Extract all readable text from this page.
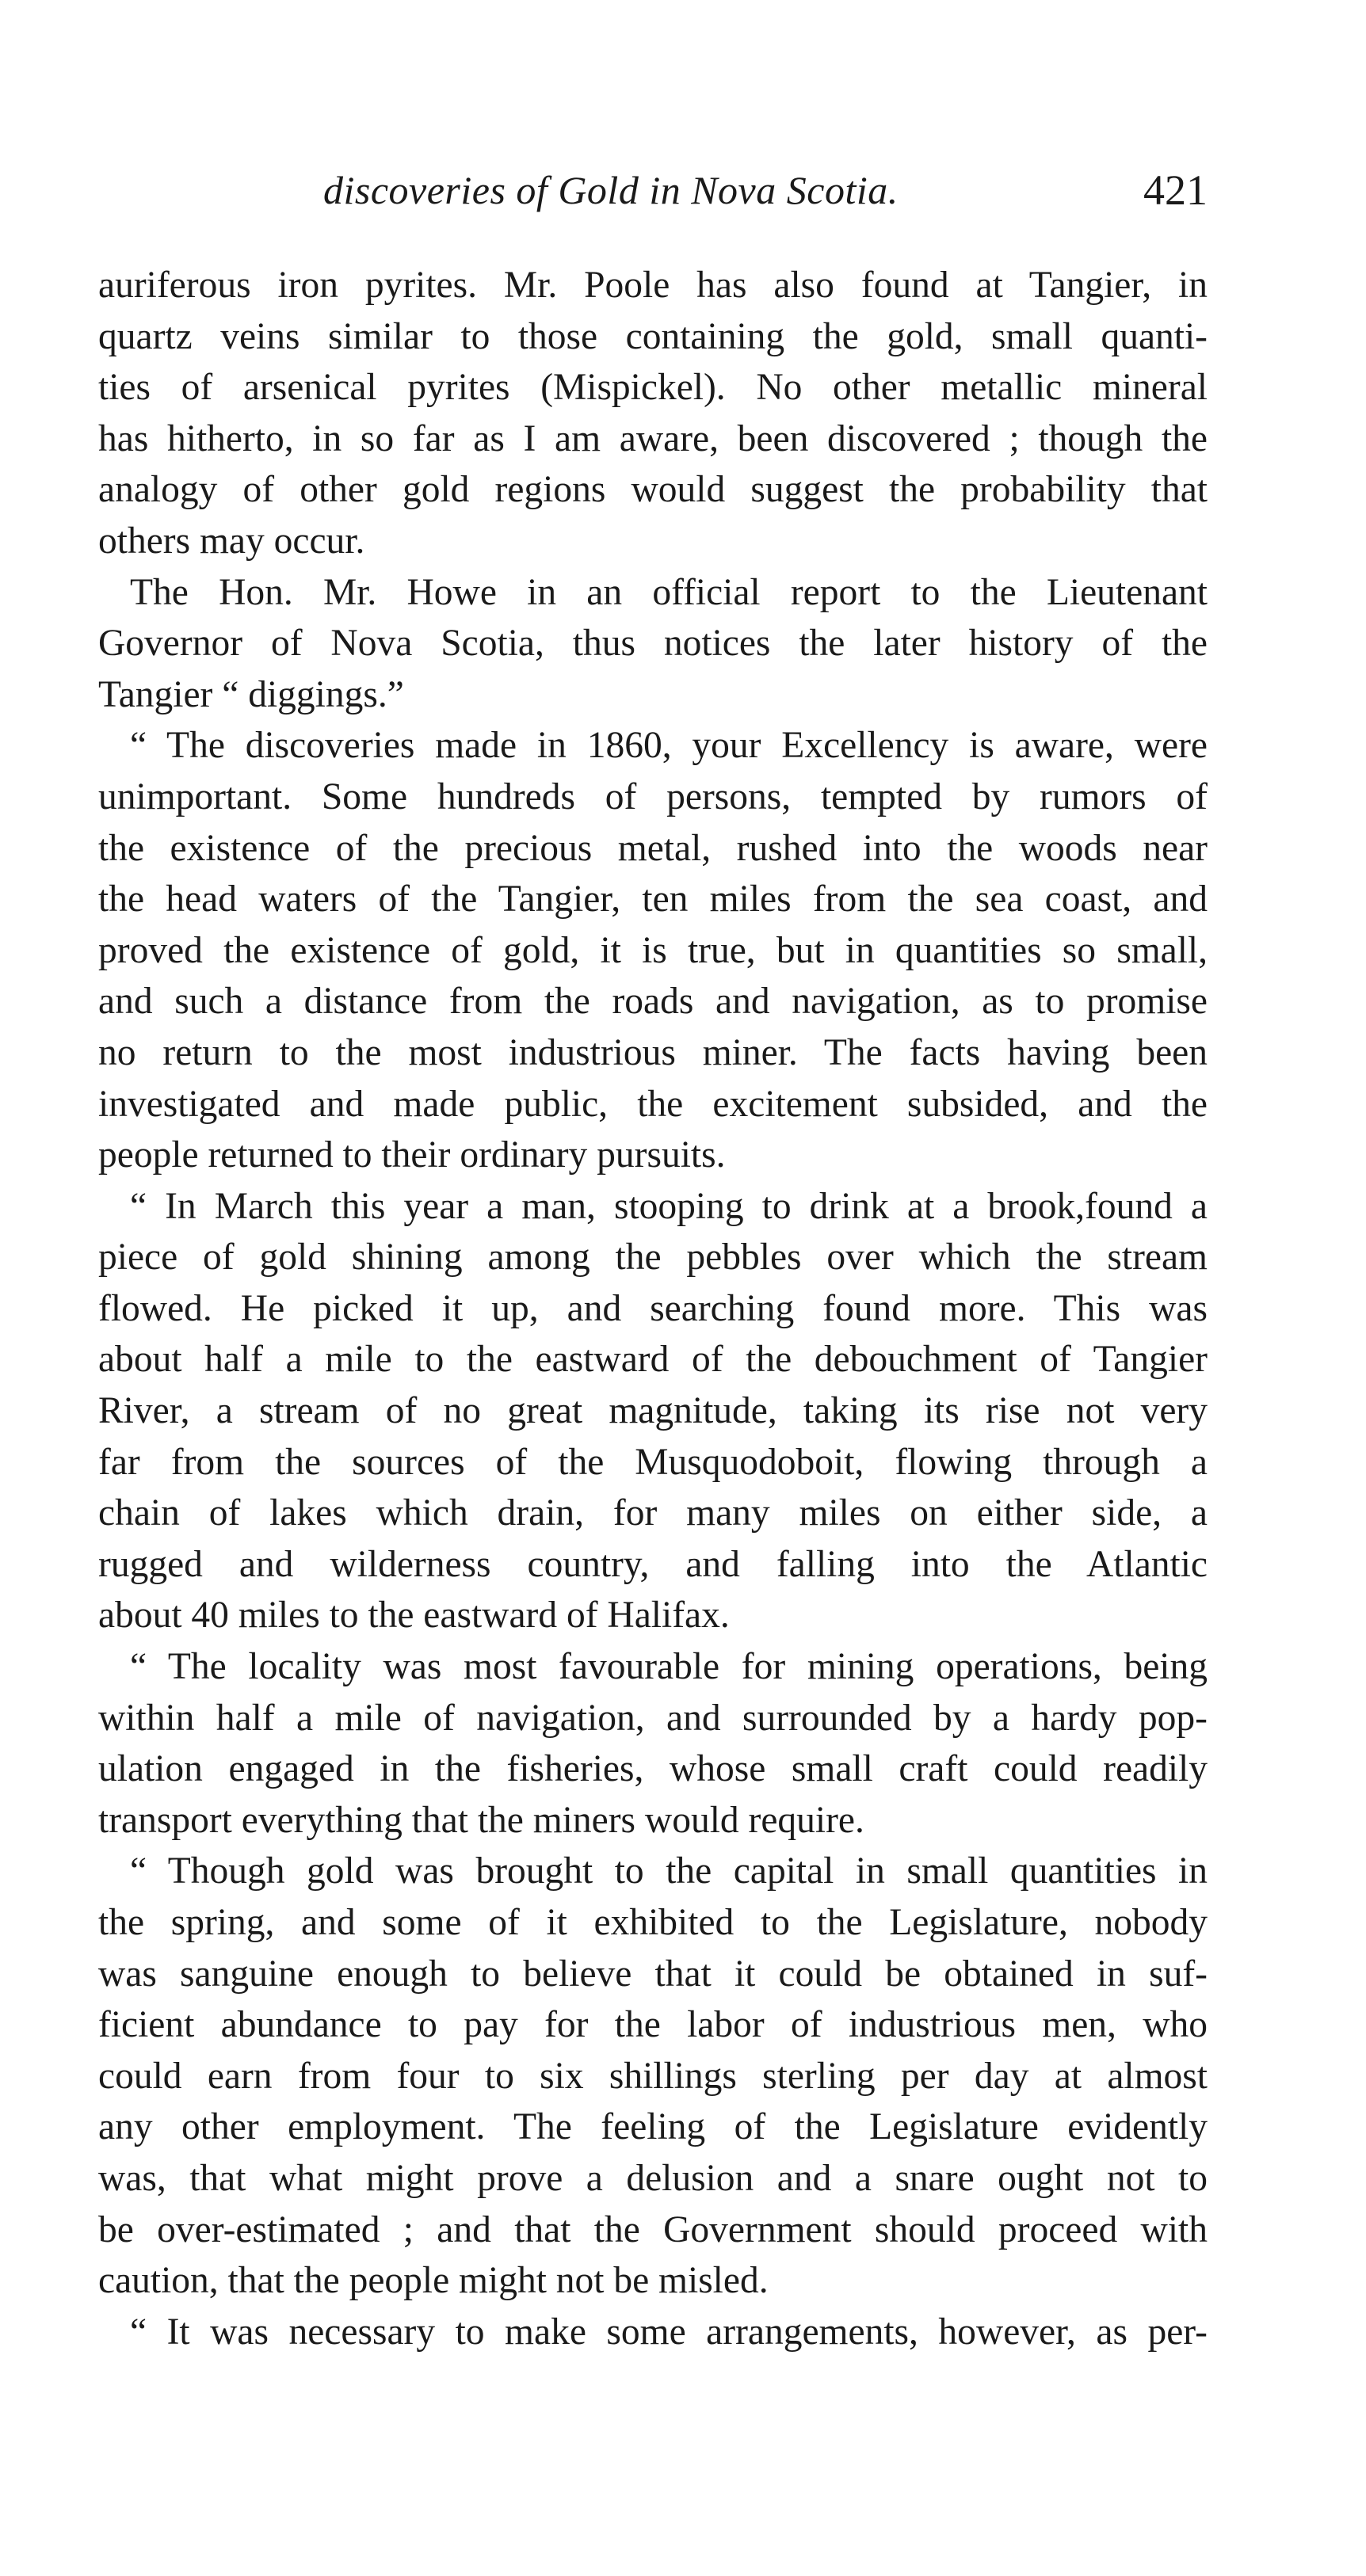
discoveries of Gold in Nova Scotia.	421
auriferous iron pyrites. Mr. Poole has also found at Tangier, in
quartz veins similar to those containing the gold, small quanti-
ties of arsenical pyrites (Mispickel). No other metallic mineral
has hitherto, in so far as I am aware, been discovered ; though the
analogy of other gold regions would suggest the probability that
others may occur.
The Hon. Mr. Howe in an official report to the Lieutenant
Governor of Nova Scotia, thus notices the later history of the
Tangier “ diggings.”
“ The discoveries made in 1860, your Excellency is aware, were
unimportant. Some hundreds of persons, tempted by rumors of
the existence of the precious metal, rushed into the woods near
the head waters of the Tangier, ten miles from the sea coast, and
proved the existence of gold, it is true, but in quantities so small,
and such a distance from the roads and navigation, as to promise
no return to the most industrious miner. The facts having been
investigated and made public, the excitement subsided, and the
people returned to their ordinary pursuits.
“ In March this year a man, stooping to drink at a brook,found a
piece of gold shining among the pebbles over which the stream
flowed. He picked it up, and searching found more. This was
about half a mile to the eastward of the debouchment of Tangier
River, a stream of no great magnitude, taking its rise not very
far from the sources of the Musquodoboit, flowing through a
chain of lakes which drain, for many miles on either side, a
rugged and wilderness country, and falling into the Atlantic
about 40 miles to the eastward of Halifax.
“ The locality was most favourable for mining operations, being
within half a mile of navigation, and surrounded by a hardy pop-
ulation engaged in the fisheries, whose small craft could readily
transport everything that the miners would require.
“ Though gold was brought to the capital in small quantities in
the spring, and some of it exhibited to the Legislature, nobody
was sanguine enough to believe that it could be obtained in suf-
ficient abundance to pay for the labor of industrious men, who
could earn from four to six shillings sterling per day at almost
any other employment. The feeling of the Legislature evidently
was, that what might prove a delusion and a snare ought not to
be over-estimated ; and that the Government should proceed with
caution, that the people might not be misled.
“ It was necessary to make some arrangements, however, as per-
